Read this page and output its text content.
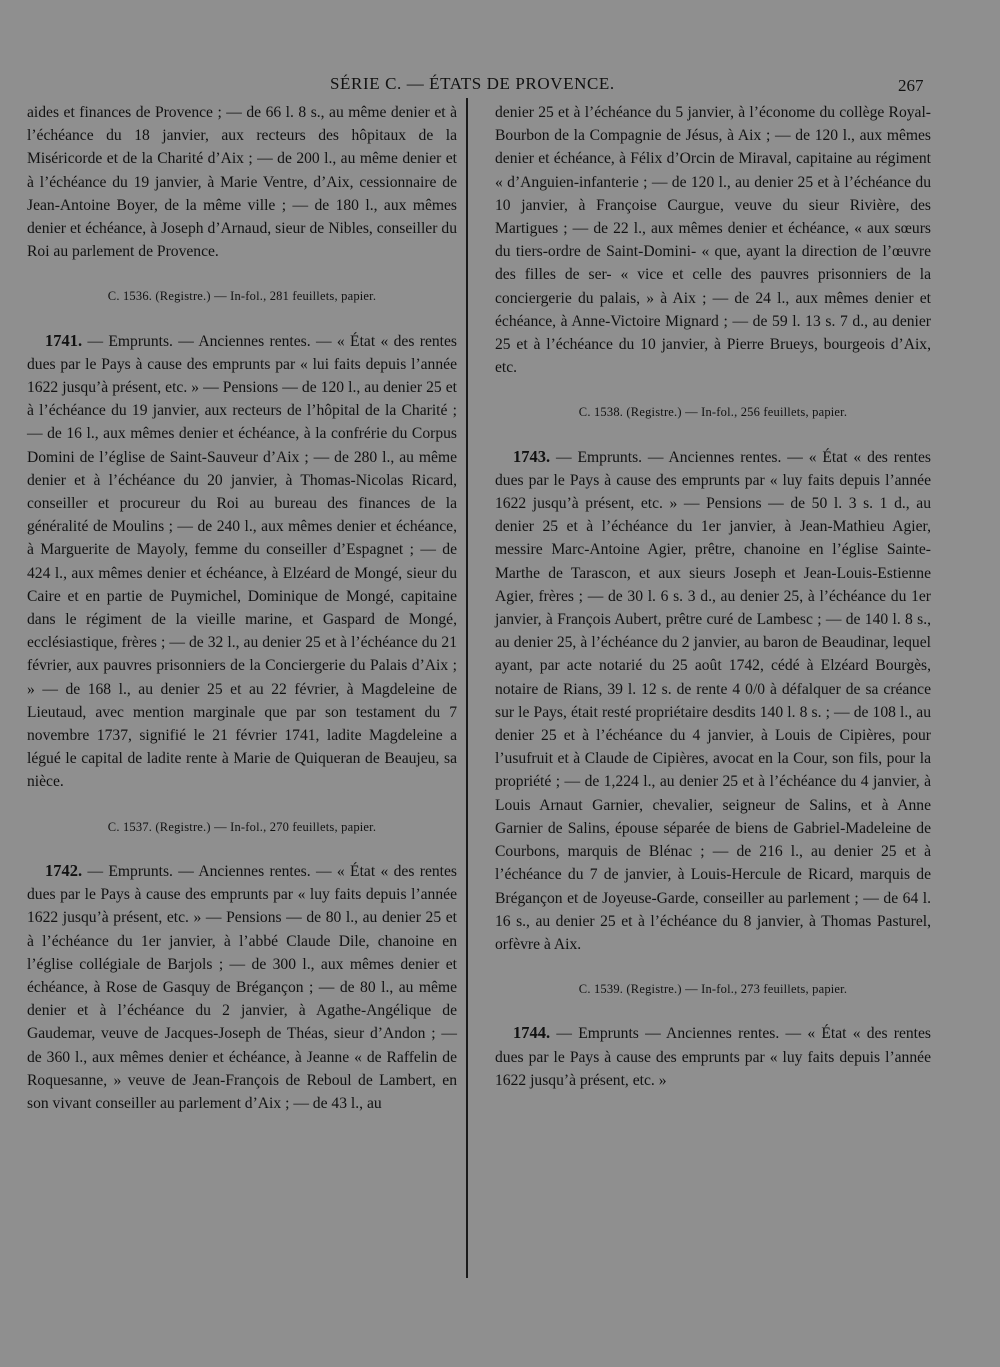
SÉRIE C. — ÉTATS DE PROVENCE.	267

aides et finances de Provence ; — de 66 l. 8 s., au même denier et à l’échéance du 18 janvier, aux recteurs des hôpitaux de la Miséricorde et de la Charité d’Aix ; — de 200 l., au même denier et à l’échéance du 19 janvier, à Marie Ventre, d’Aix, cessionnaire de Jean-Antoine Boyer, de la même ville ; — de 180 l., aux mêmes denier et échéance, à Joseph d’Arnaud, sieur de Nibles, conseiller du Roi au parlement de Provence.

C. 1536. (Registre.) — In-fol., 281 feuillets, papier.

1741. — Emprunts. — Anciennes rentes. — « État « des rentes dues par le Pays à cause des emprunts par « lui faits depuis l’année 1622 jusqu’à présent, etc. » — Pensions — de 120 l., au denier 25 et à l’échéance du 19 janvier, aux recteurs de l’hôpital de la Charité ; — de 16 l., aux mêmes denier et échéance, à la confrérie du Corpus Domini de l’église de Saint-Sauveur d’Aix ; — de 280 l., au même denier et à l’échéance du 20 janvier, à Thomas-Nicolas Ricard, conseiller et procureur du Roi au bureau des finances de la généralité de Moulins ; — de 240 l., aux mêmes denier et échéance, à Marguerite de Mayoly, femme du conseiller d’Espagnet ; — de 424 l., aux mêmes denier et échéance, à Elzéard de Mongé, sieur du Caire et en partie de Puymichel, Dominique de Mongé, capitaine dans le régiment de la vieille marine, et Gaspard de Mongé, ecclésiastique, frères ; — de 32 l., au denier 25 et à l’échéance du 21 février, aux pauvres prisonniers de la Conciergerie du Palais d’Aix ; » — de 168 l., au denier 25 et au 22 février, à Magdeleine de Lieutaud, avec mention marginale que par son testament du 7 novembre 1737, signifié le 21 février 1741, ladite Magdeleine a légué le capital de ladite rente à Marie de Quiqueran de Beaujeu, sa nièce.

C. 1537. (Registre.) — In-fol., 270 feuillets, papier.

1742. — Emprunts. — Anciennes rentes. — « État « des rentes dues par le Pays à cause des emprunts par « luy faits depuis l’année 1622 jusqu’à présent, etc. » — Pensions — de 80 l., au denier 25 et à l’échéance du 1er janvier, à l’abbé Claude Dile, chanoine en l’église collégiale de Barjols ; — de 300 l., aux mêmes denier et échéance, à Rose de Gasquy de Brégançon ; — de 80 l., au même denier et à l’échéance du 2 janvier, à Agathe-Angélique de Gaudemar, veuve de Jacques-Joseph de Théas, sieur d’Andon ; — de 360 l., aux mêmes denier et échéance, à Jeanne « de Raffelin de Roquesanne, » veuve de Jean-François de Reboul de Lambert, en son vivant conseiller au parlement d’Aix ; — de 43 l., au

denier 25 et à l’échéance du 5 janvier, à l’économe du collège Royal-Bourbon de la Compagnie de Jésus, à Aix ; — de 120 l., aux mêmes denier et échéance, à Félix d’Orcin de Miraval, capitaine au régiment « d’Anguien-infanterie ; — de 120 l., au denier 25 et à l’échéance du 10 janvier, à Françoise Caurgue, veuve du sieur Rivière, des Martigues ; — de 22 l., aux mêmes denier et échéance, « aux sœurs du tiers-ordre de Saint-Domini- « que, ayant la direction de l’œuvre des filles de ser- « vice et celle des pauvres prisonniers de la conciergerie du palais, » à Aix ; — de 24 l., aux mêmes denier et échéance, à Anne-Victoire Mignard ; — de 59 l. 13 s. 7 d., au denier 25 et à l’échéance du 10 janvier, à Pierre Brueys, bourgeois d’Aix, etc.

C. 1538. (Registre.) — In-fol., 256 feuillets, papier.

1743. — Emprunts. — Anciennes rentes. — « État « des rentes dues par le Pays à cause des emprunts par « luy faits depuis l’année 1622 jusqu’à présent, etc. » — Pensions — de 50 l. 3 s. 1 d., au denier 25 et à l’échéance du 1er janvier, à Jean-Mathieu Agier, messire Marc-Antoine Agier, prêtre, chanoine en l’église Sainte-Marthe de Tarascon, et aux sieurs Joseph et Jean-Louis-Estienne Agier, frères ; — de 30 l. 6 s. 3 d., au denier 25, à l’échéance du 1er janvier, à François Aubert, prêtre curé de Lambesc ; — de 140 l. 8 s., au denier 25, à l’échéance du 2 janvier, au baron de Beaudinar, lequel ayant, par acte notarié du 25 août 1742, cédé à Elzéard Bourgès, notaire de Rians, 39 l. 12 s. de rente 4 0/0 à défalquer de sa créance sur le Pays, était resté propriétaire desdits 140 l. 8 s. ; — de 108 l., au denier 25 et à l’échéance du 4 janvier, à Louis de Cipières, pour l’usufruit et à Claude de Cipières, avocat en la Cour, son fils, pour la propriété ; — de 1,224 l., au denier 25 et à l’échéance du 4 janvier, à Louis Arnaut Garnier, chevalier, seigneur de Salins, et à Anne Garnier de Salins, épouse séparée de biens de Gabriel-Madeleine de Courbons, marquis de Blénac ; — de 216 l., au denier 25 et à l’échéance du 7 de janvier, à Louis-Hercule de Ricard, marquis de Brégançon et de Joyeuse-Garde, conseiller au parlement ; — de 64 l. 16 s., au denier 25 et à l’échéance du 8 janvier, à Thomas Pasturel, orfèvre à Aix.

C. 1539. (Registre.) — In-fol., 273 feuillets, papier.

1744. — Emprunts — Anciennes rentes. — « État « des rentes dues par le Pays à cause des emprunts par « luy faits depuis l’année 1622 jusqu’à présent, etc. »
